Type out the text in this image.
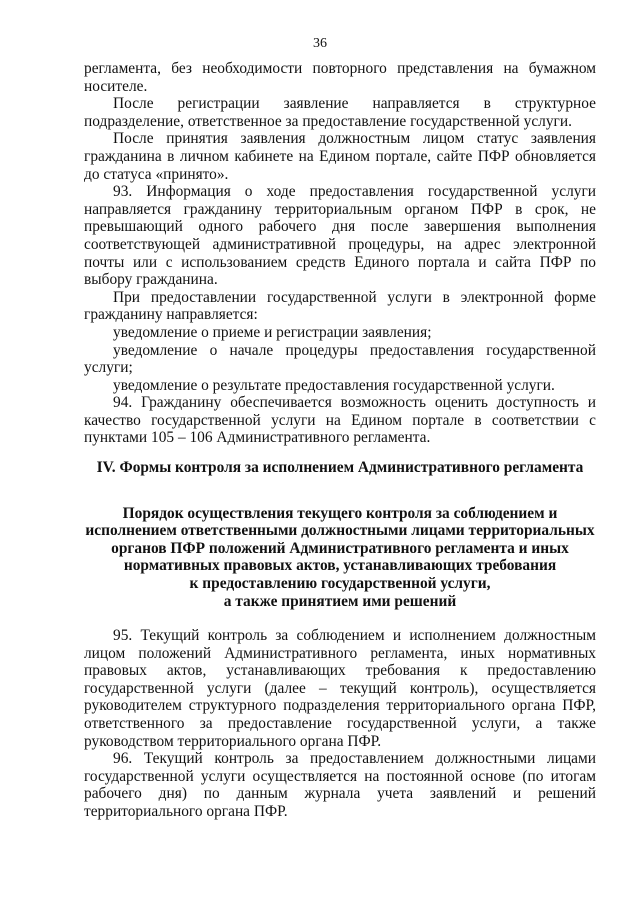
36

регламента, без необходимости повторного представления на бумажном носителе.

После регистрации заявление направляется в структурное подразделение, ответственное за предоставление государственной услуги.

После принятия заявления должностным лицом статус заявления гражданина в личном кабинете на Едином портале, сайте ПФР обновляется до статуса «принято».

93. Информация о ходе предоставления государственной услуги направляется гражданину территориальным органом ПФР в срок, не превышающий одного рабочего дня после завершения выполнения соответствующей административной процедуры, на адрес электронной почты или с использованием средств Единого портала и сайта ПФР по выбору гражданина.

При предоставлении государственной услуги в электронной форме гражданину направляется:

уведомление о приеме и регистрации заявления;

уведомление о начале процедуры предоставления государственной услуги;

уведомление о результате предоставления государственной услуги.

94. Гражданину обеспечивается возможность оценить доступность и качество государственной услуги на Едином портале в соответствии с пунктами 105 – 106 Административного регламента.

IV. Формы контроля за исполнением Административного регламента

Порядок осуществления текущего контроля за соблюдением и
исполнением ответственными должностными лицами территориальных
органов ПФР положений Административного регламента и иных
нормативных правовых актов, устанавливающих требования
к предоставлению государственной услуги,
а также принятием ими решений

95. Текущий контроль за соблюдением и исполнением должностным лицом положений Административного регламента, иных нормативных правовых актов, устанавливающих требования к предоставлению государственной услуги (далее – текущий контроль), осуществляется руководителем структурного подразделения территориального органа ПФР, ответственного за предоставление государственной услуги, а также руководством территориального органа ПФР.

96. Текущий контроль за предоставлением должностными лицами государственной услуги осуществляется на постоянной основе (по итогам рабочего дня) по данным журнала учета заявлений и решений территориального органа ПФР.
